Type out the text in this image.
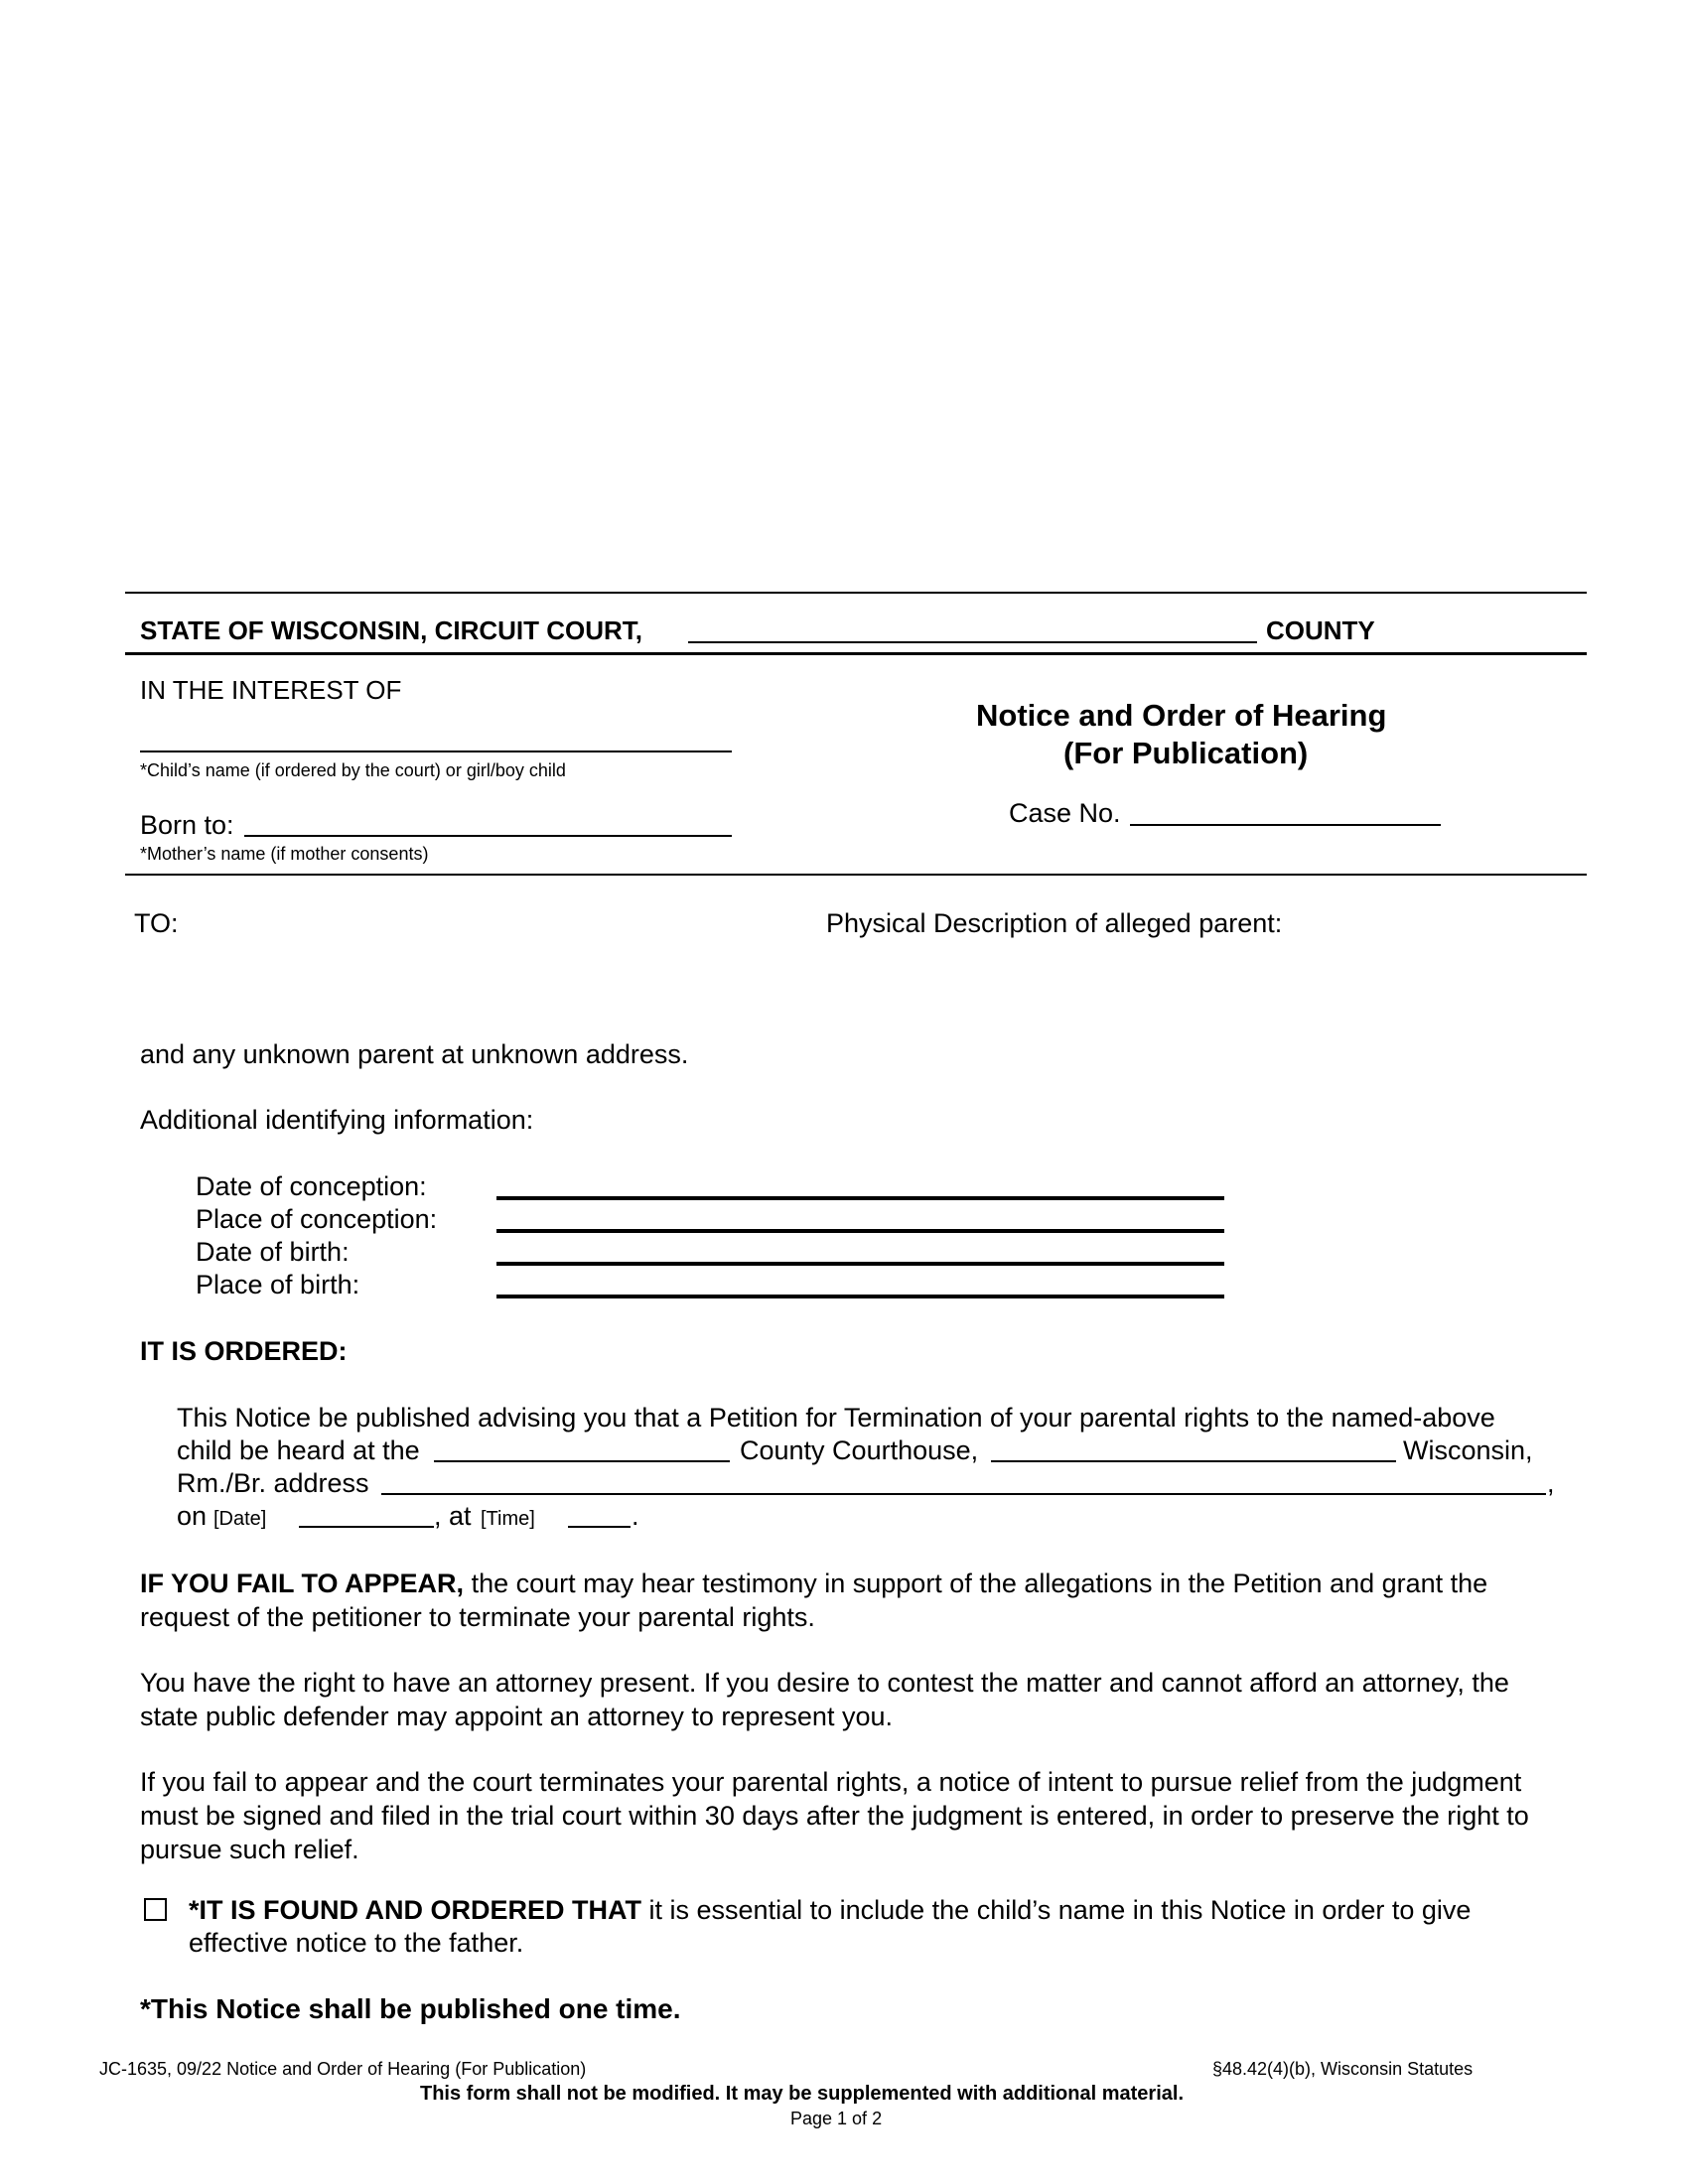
STATE OF WISCONSIN, CIRCUIT COURT,	COUNTY
IN THE INTEREST OF
*Child’s name (if ordered by the court) or girl/boy child
Born to:
*Mother’s name (if mother consents)
Notice and Order of Hearing
(For Publication)
Case No.
TO:	Physical Description of alleged parent:
and any unknown parent at unknown address.
Additional identifying information:
Date of conception:
Place of conception:
Date of birth:
Place of birth:
IT IS ORDERED:
This Notice be published advising you that a Petition for Termination of your parental rights to the named-above
child be heard at the	County Courthouse,	Wisconsin,
Rm./Br. address	,
on [Date]	, at [Time]	.
IF YOU FAIL TO APPEAR, the court may hear testimony in support of the allegations in the Petition and grant the request of the petitioner to terminate your parental rights.
You have the right to have an attorney present. If you desire to contest the matter and cannot afford an attorney, the state public defender may appoint an attorney to represent you.
If you fail to appear and the court terminates your parental rights, a notice of intent to pursue relief from the judgment must be signed and filed in the trial court within 30 days after the judgment is entered, in order to preserve the right to pursue such relief.
*IT IS FOUND AND ORDERED THAT it is essential to include the child’s name in this Notice in order to give
effective notice to the father.
*This Notice shall be published one time.
JC-1635, 09/22 Notice and Order of Hearing (For Publication)	§48.42(4)(b), Wisconsin Statutes
This form shall not be modified. It may be supplemented with additional material.
Page 1 of 2
